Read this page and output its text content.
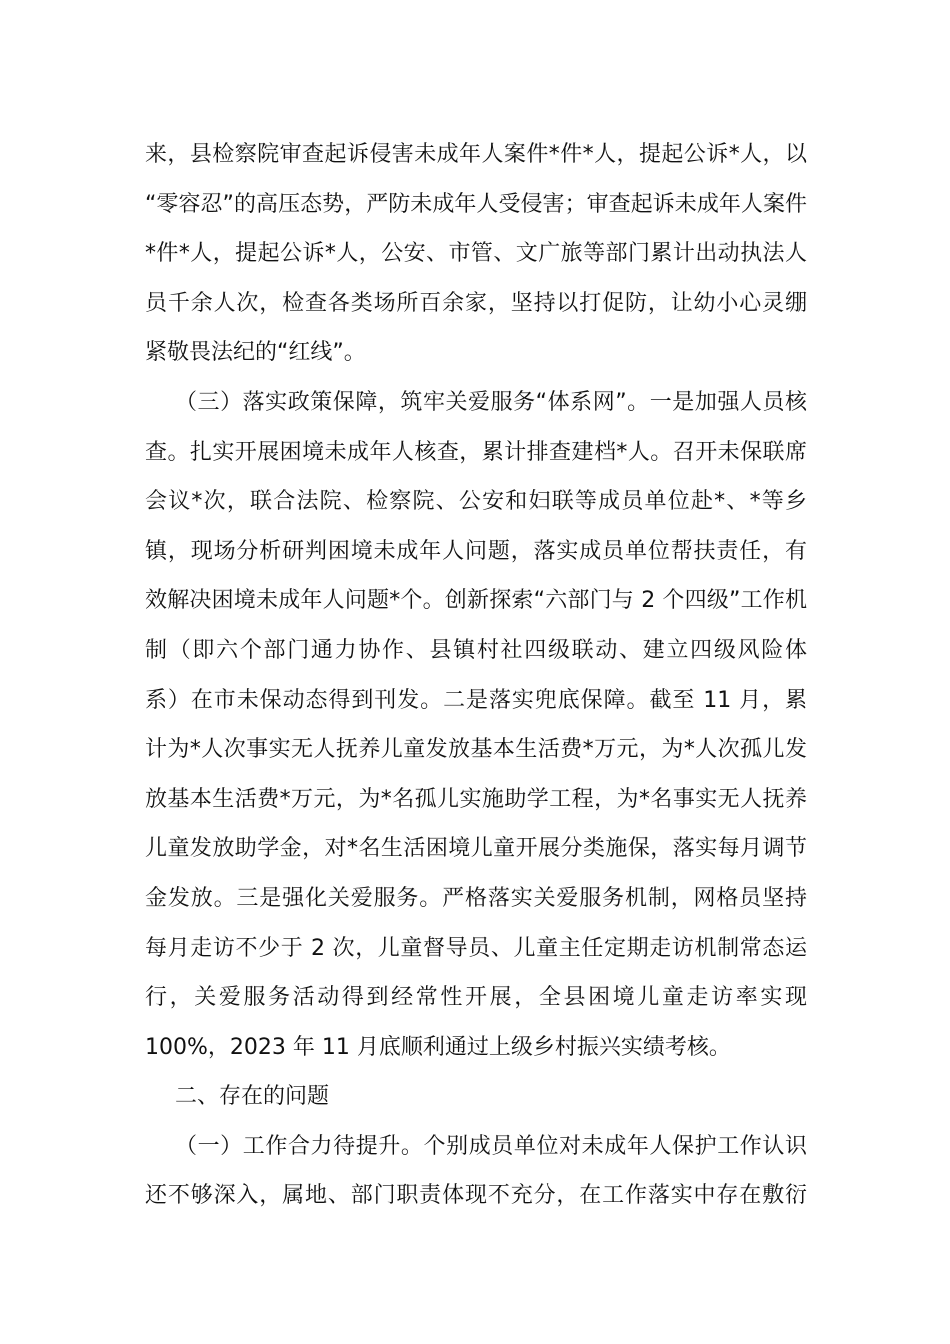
来，县检察院审查起诉侵害未成年人案件*件*人，提起公诉*人，以
“零容忍”的高压态势，严防未成年人受侵害；审查起诉未成年人案件
*件*人，提起公诉*人，公安、市管、文广旅等部门累计出动执法人
员千余人次，检查各类场所百余家，坚持以打促防，让幼小心灵绷
紧敬畏法纪的“红线”。
（三）落实政策保障，筑牢关爱服务“体系网”。一是加强人员核
查。扎实开展困境未成年人核查，累计排查建档*人。召开未保联席
会议*次，联合法院、检察院、公安和妇联等成员单位赴*、*等乡
镇，现场分析研判困境未成年人问题，落实成员单位帮扶责任，有
效解决困境未成年人问题*个。创新探索“六部门与 2 个四级”工作机
制（即六个部门通力协作、县镇村社四级联动、建立四级风险体
系）在市未保动态得到刊发。二是落实兜底保障。截至 11 月，累
计为*人次事实无人抚养儿童发放基本生活费*万元，为*人次孤儿发
放基本生活费*万元，为*名孤儿实施助学工程，为*名事实无人抚养
儿童发放助学金，对*名生活困境儿童开展分类施保，落实每月调节
金发放。三是强化关爱服务。严格落实关爱服务机制，网格员坚持
每月走访不少于 2 次，儿童督导员、儿童主任定期走访机制常态运
行，关爱服务活动得到经常性开展，全县困境儿童走访率实现
100%，2023 年 11 月底顺利通过上级乡村振兴实绩考核。
二、存在的问题
（一）工作合力待提升。个别成员单位对未成年人保护工作认识
还不够深入，属地、部门职责体现不充分，在工作落实中存在敷衍
